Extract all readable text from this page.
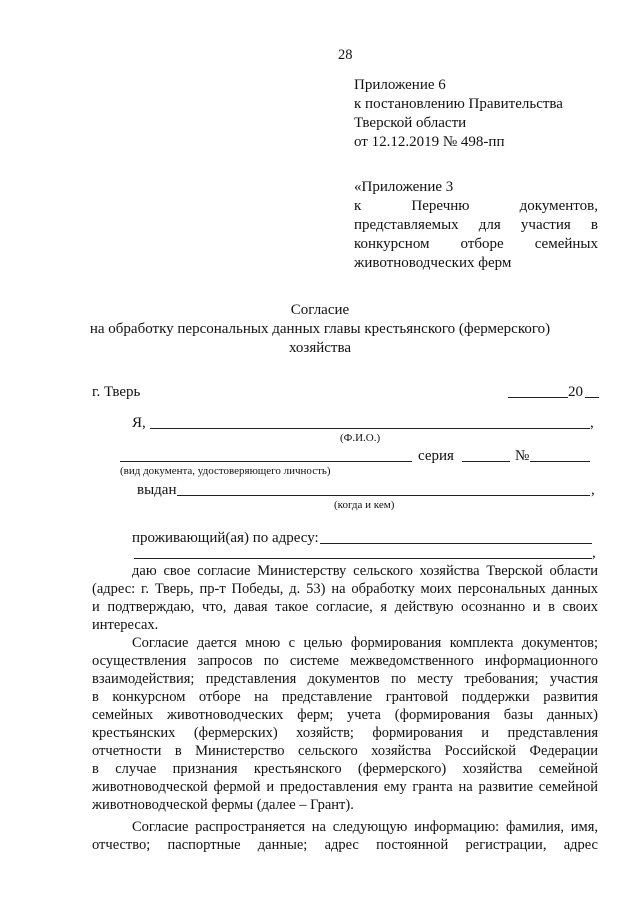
28
Приложение 6
к постановлению Правительства
Тверской области
от 12.12.2019 № 498-пп
«Приложение 3
к	Перечню	документов,
представляемых для участия в
конкурсном отборе семейных
животноводческих ферм
Согласие
на обработку персональных данных главы крестьянского (фермерского)
хозяйства
г. Тверь	20
Я,	,
(Ф.И.О.)
серия	№
(вид документа, удостоверяющего личность)
выдан	,
(когда и кем)
проживающий(ая) по адресу:
,
даю свое согласие Министерству сельского хозяйства Тверской области
(адрес: г. Тверь, пр-т Победы, д. 53) на обработку моих персональных данных
и подтверждаю, что, давая такое согласие, я действую осознанно и в своих
интересах.
Согласие дается мною с целью формирования комплекта документов;
осуществления запросов по системе межведомственного информационного
взаимодействия; представления документов по месту требования; участия
в конкурсном отборе на представление грантовой поддержки развития
семейных животноводческих ферм; учета (формирования базы данных)
крестьянских (фермерских) хозяйств; формирования и представления
отчетности в Министерство сельского хозяйства Российской Федерации
в случае признания крестьянского (фермерского) хозяйства семейной
животноводческой фермой и предоставления ему гранта на развитие семейной
животноводческой фермы (далее – Грант).
Согласие распространяется на следующую информацию: фамилия, имя,
отчество; паспортные данные; адрес постоянной регистрации, адрес
